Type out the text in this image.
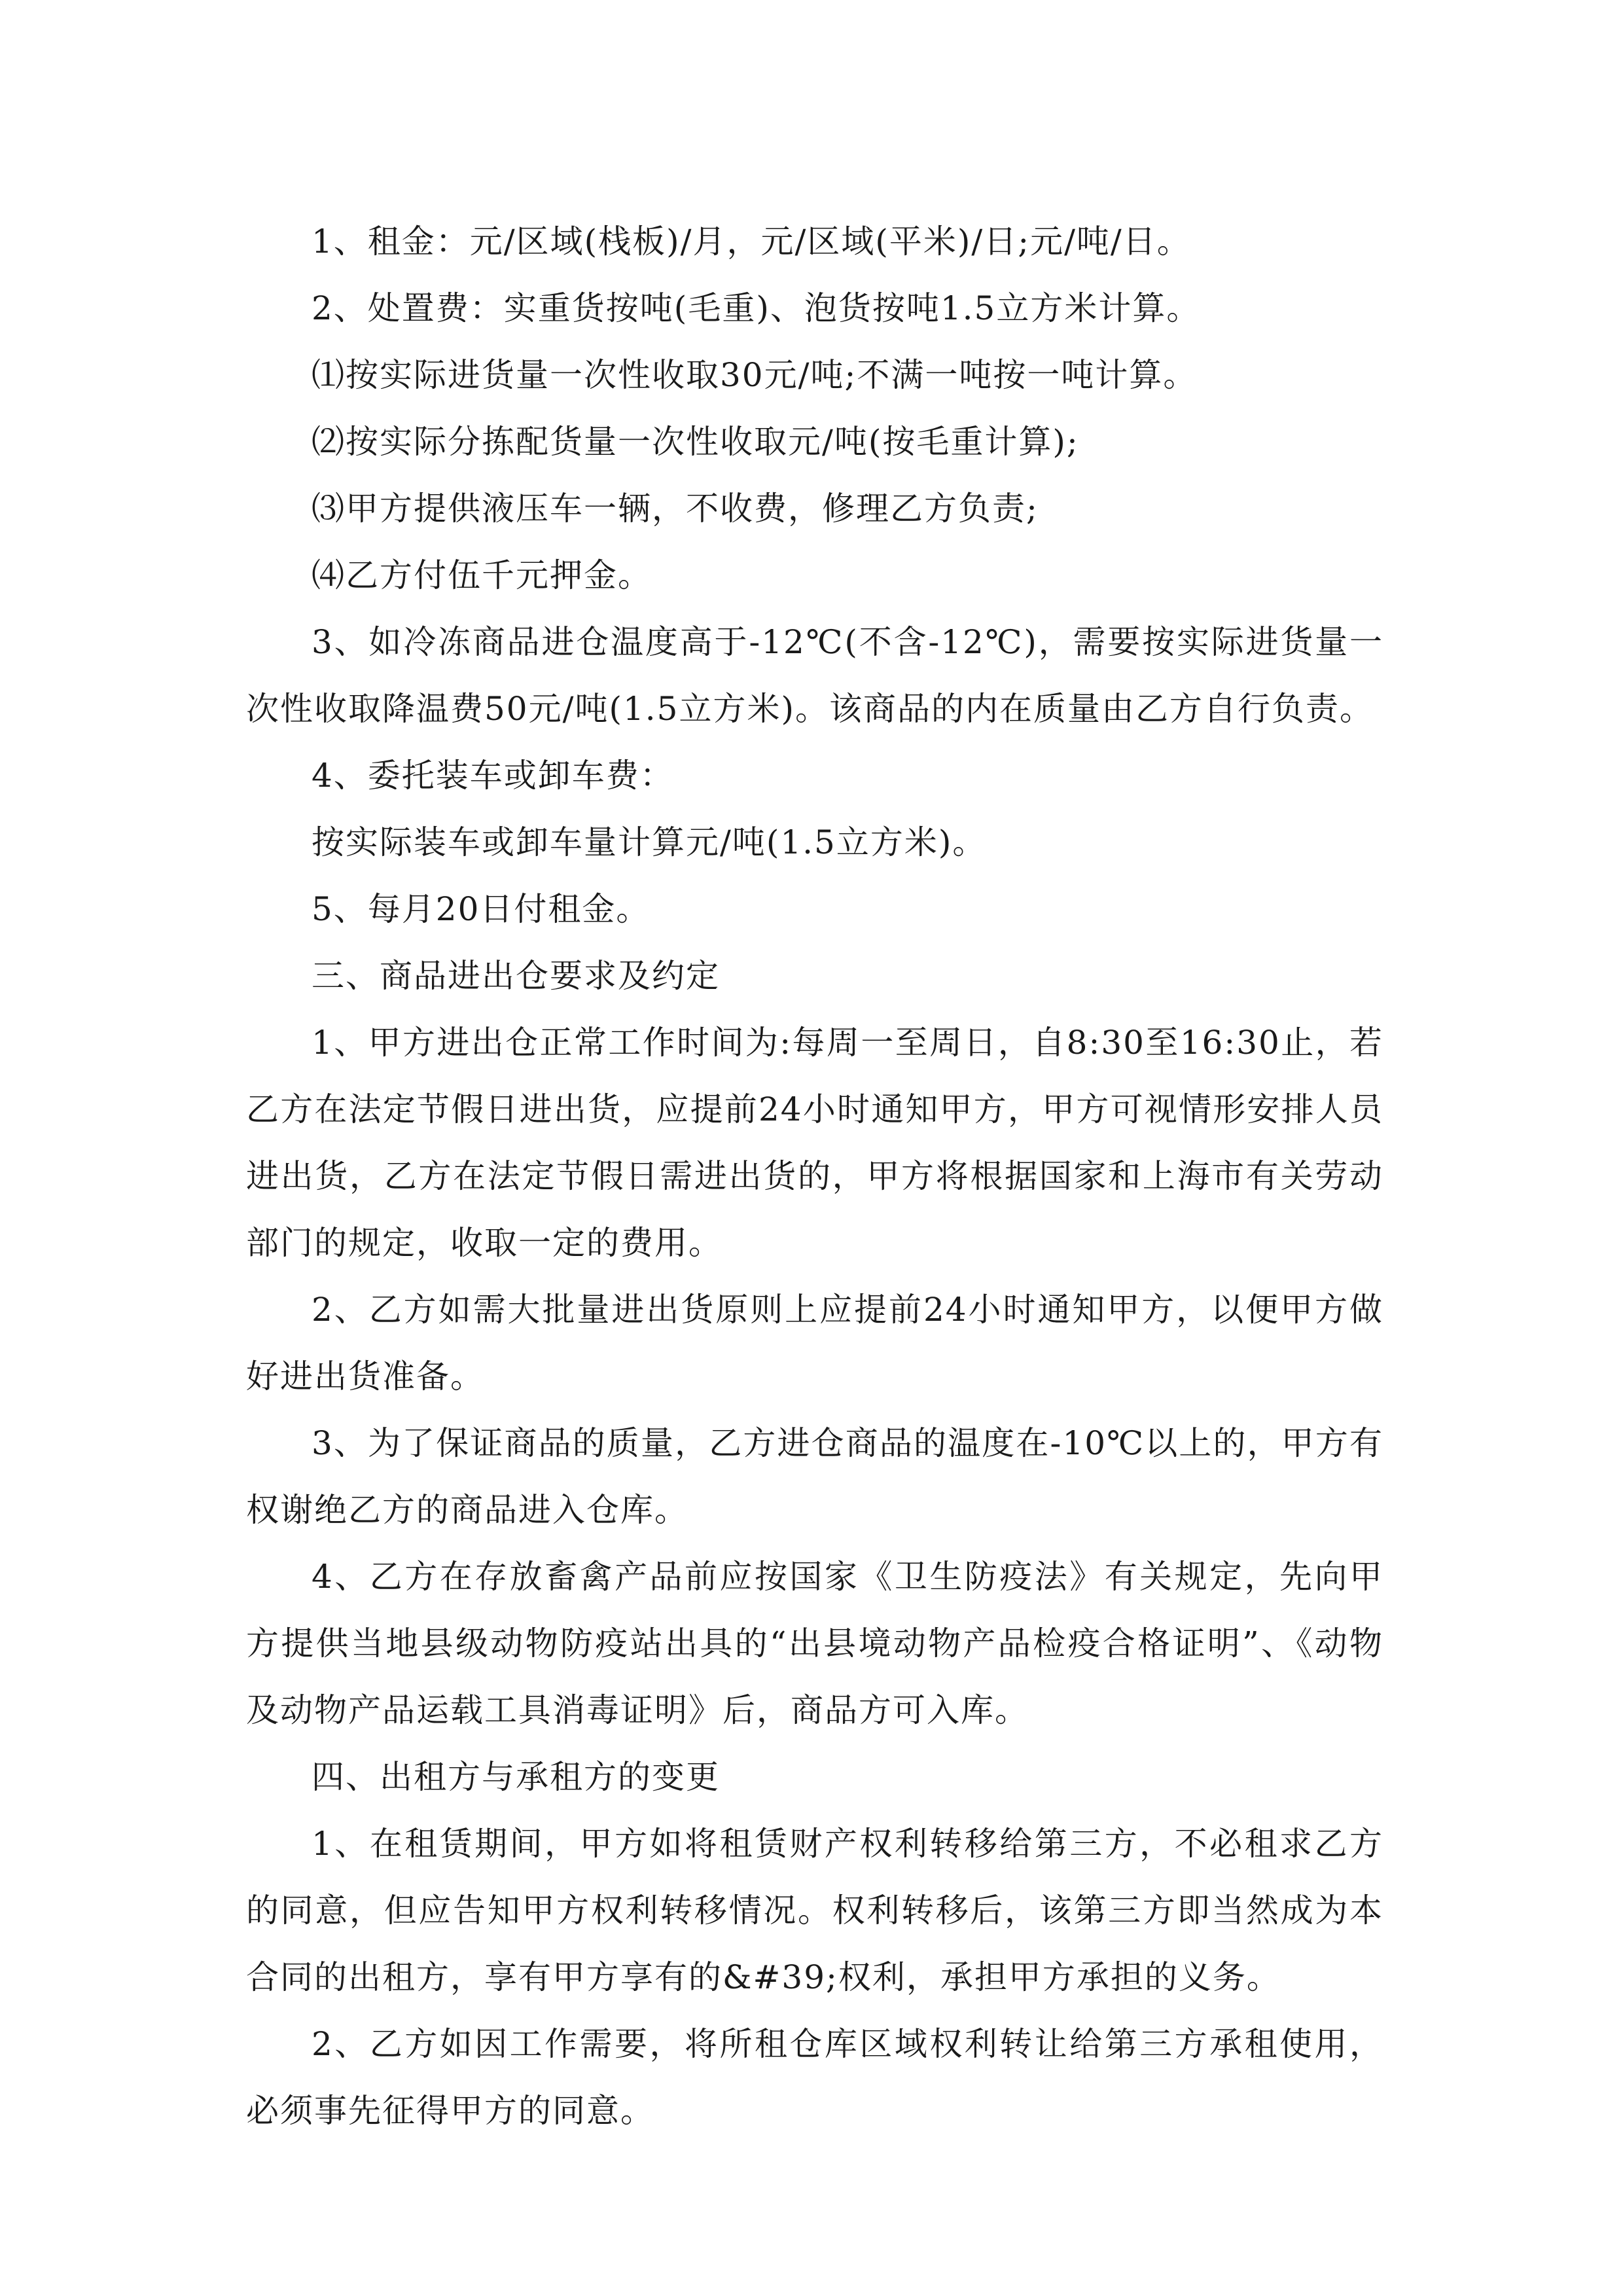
1、租金：元/区域(栈板)/月，元/区域(平米)/日;元/吨/日。

2、处置费：实重货按吨(毛重)、泡货按吨1.5立方米计算。

⑴按实际进货量一次性收取30元/吨;不满一吨按一吨计算。

⑵按实际分拣配货量一次性收取元/吨(按毛重计算);

⑶甲方提供液压车一辆，不收费，修理乙方负责;

⑷乙方付伍千元押金。

3、如冷冻商品进仓温度高于-12℃(不含-12℃)，需要按实际进货量一次性收取降温费50元/吨(1.5立方米)。该商品的内在质量由乙方自行负责。

4、委托装车或卸车费：

按实际装车或卸车量计算元/吨(1.5立方米)。

5、每月20日付租金。

三、商品进出仓要求及约定

1、甲方进出仓正常工作时间为:每周一至周日，自8:30至16:30止，若乙方在法定节假日进出货，应提前24小时通知甲方，甲方可视情形安排人员进出货，乙方在法定节假日需进出货的，甲方将根据国家和上海市有关劳动部门的规定，收取一定的费用。

2、乙方如需大批量进出货原则上应提前24小时通知甲方，以便甲方做好进出货准备。

3、为了保证商品的质量，乙方进仓商品的温度在-10℃以上的，甲方有权谢绝乙方的商品进入仓库。

4、乙方在存放畜禽产品前应按国家《卫生防疫法》有关规定，先向甲方提供当地县级动物防疫站出具的“出县境动物产品检疫合格证明”、《动物及动物产品运载工具消毒证明》后，商品方可入库。

四、出租方与承租方的变更

1、在租赁期间，甲方如将租赁财产权利转移给第三方，不必租求乙方的同意，但应告知甲方权利转移情况。权利转移后，该第三方即当然成为本合同的出租方，享有甲方享有的&#39;权利，承担甲方承担的义务。

2、乙方如因工作需要，将所租仓库区域权利转让给第三方承租使用，必须事先征得甲方的同意。
